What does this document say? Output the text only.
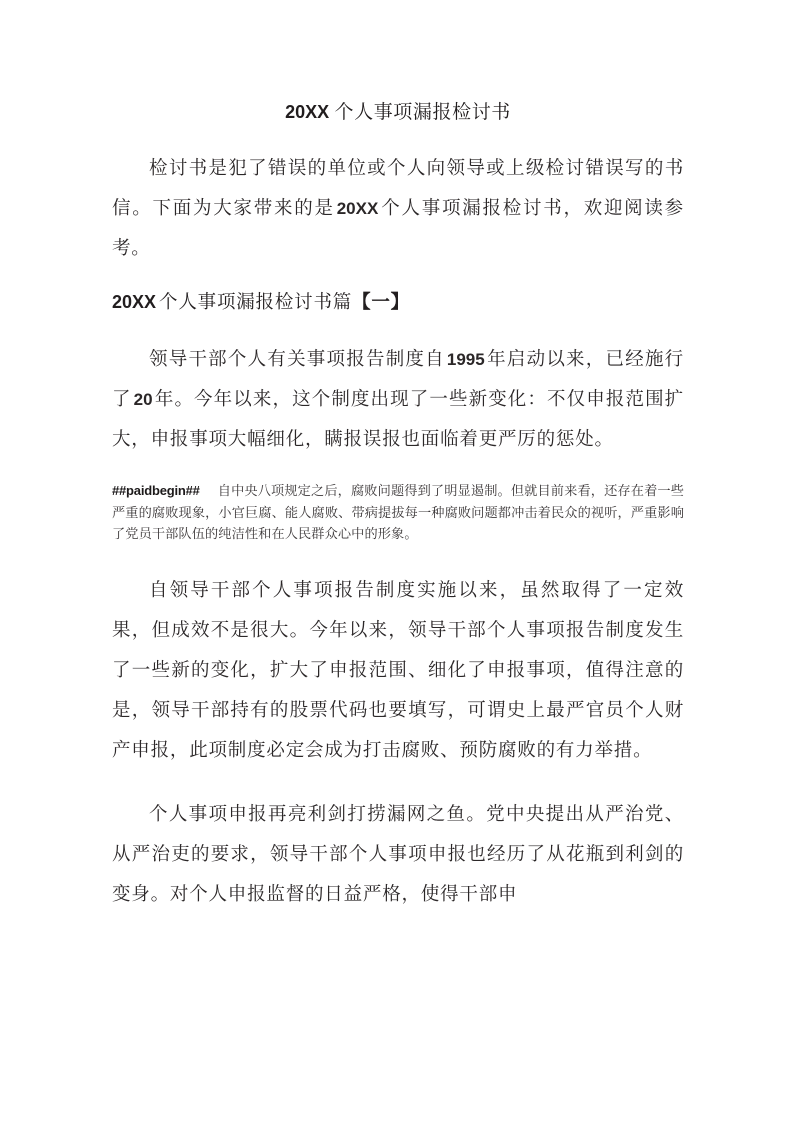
20XX 个人事项漏报检讨书

检讨书是犯了错误的单位或个人向领导或上级检讨错误写的书信。下面为大家带来的是 20XX 个人事项漏报检讨书，欢迎阅读参考。

20XX 个人事项漏报检讨书篇【一】

领导干部个人有关事项报告制度自 1995 年启动以来，已经施行了 20 年。今年以来，这个制度出现了一些新变化：不仅申报范围扩大，申报事项大幅细化，瞒报误报也面临着更严厉的惩处。

##paidbegin## 自中央八项规定之后，腐败问题得到了明显遏制。但就目前来看，还存在着一些严重的腐败现象，小官巨腐、能人腐败、带病提拔每一种腐败问题都冲击着民众的视听，严重影响了党员干部队伍的纯洁性和在人民群众心中的形象。

自领导干部个人事项报告制度实施以来，虽然取得了一定效果，但成效不是很大。今年以来，领导干部个人事项报告制度发生了一些新的变化，扩大了申报范围、细化了申报事项，值得注意的是，领导干部持有的股票代码也要填写，可谓史上最严官员个人财产申报，此项制度必定会成为打击腐败、预防腐败的有力举措。

个人事项申报再亮利剑打捞漏网之鱼。党中央提出从严治党、从严治吏的要求，领导干部个人事项申报也经历了从花瓶到利剑的变身。对个人申报监督的日益严格，使得干部申
